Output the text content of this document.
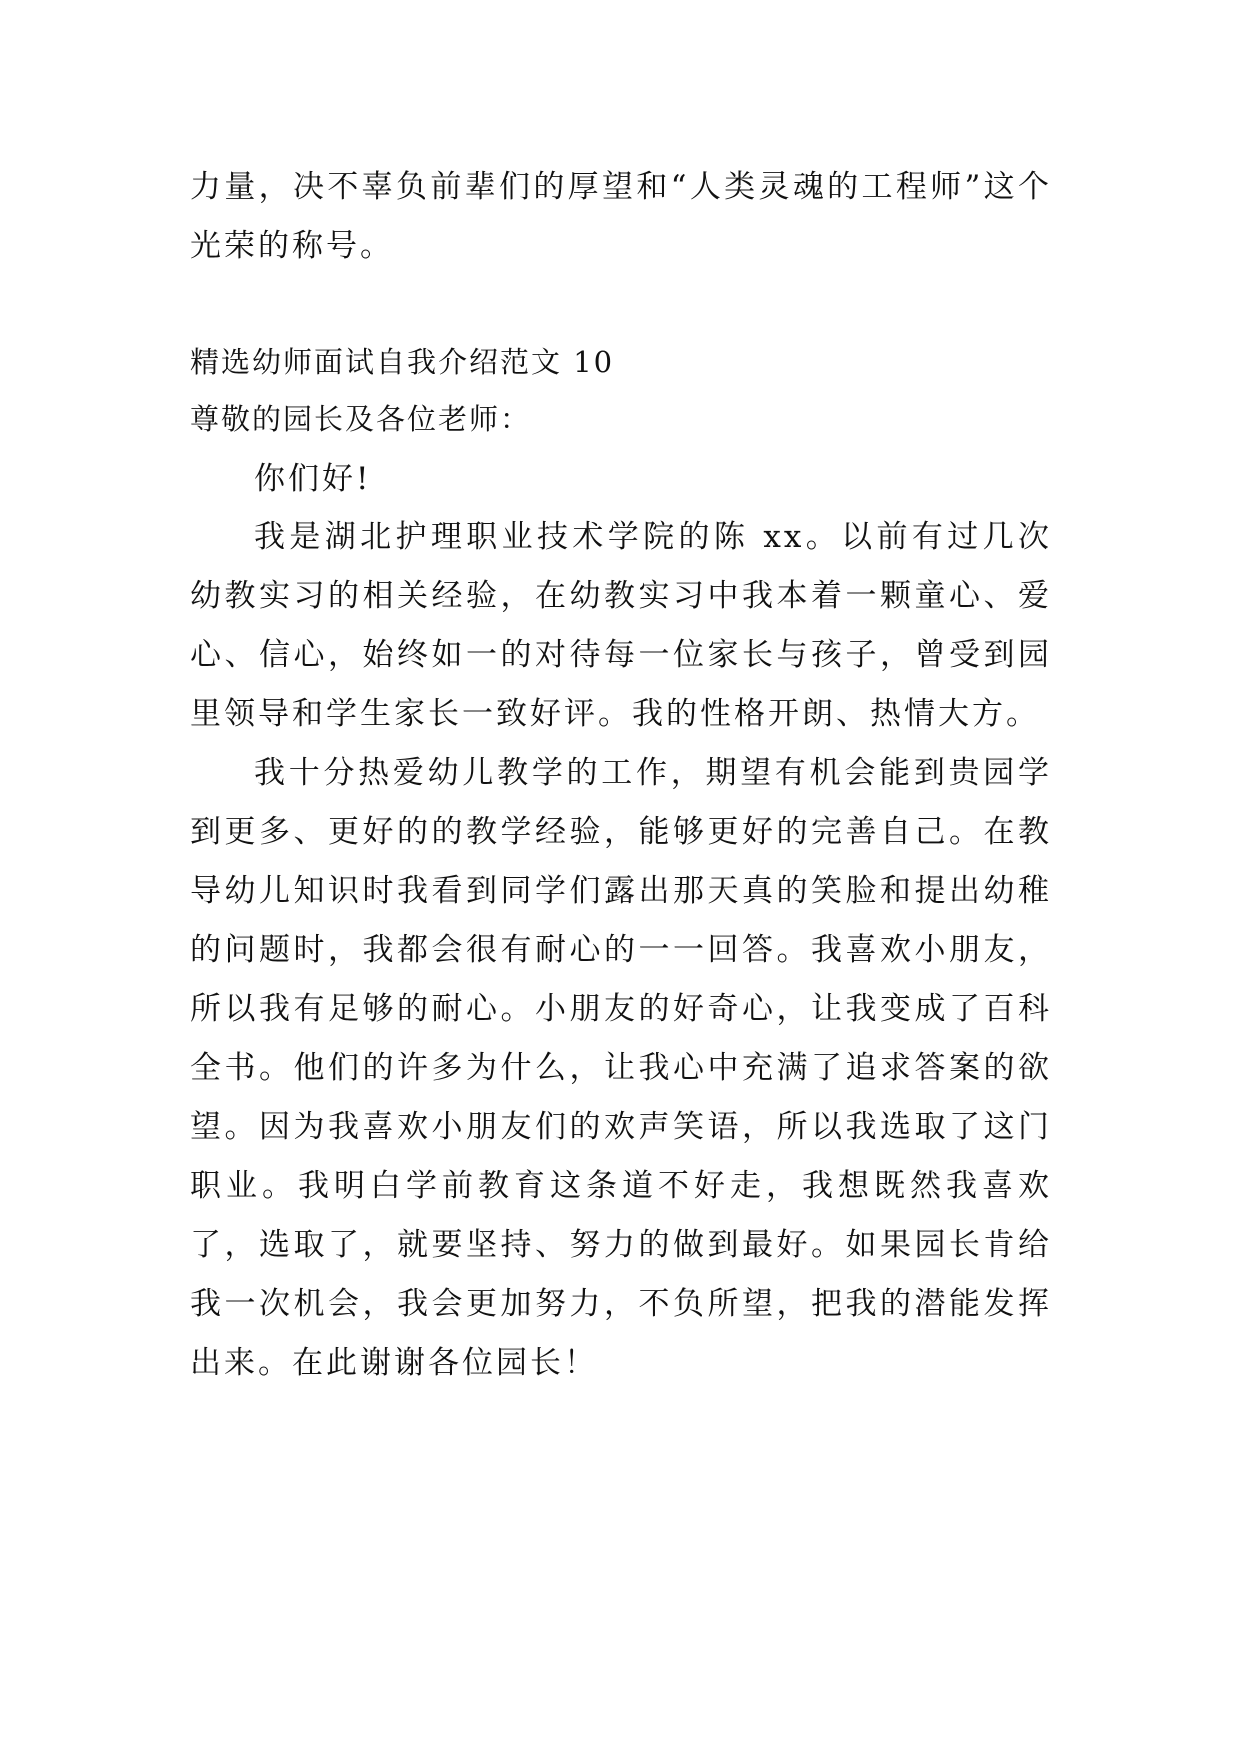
力量，决不辜负前辈们的厚望和“人类灵魂的工程师”这个光荣的称号。

精选幼师面试自我介绍范文 10

尊敬的园长及各位老师：

你们好!

我是湖北护理职业技术学院的陈 xx。以前有过几次幼教实习的相关经验，在幼教实习中我本着一颗童心、爱心、信心，始终如一的对待每一位家长与孩子，曾受到园里领导和学生家长一致好评。我的性格开朗、热情大方。

我十分热爱幼儿教学的工作，期望有机会能到贵园学到更多、更好的的教学经验，能够更好的完善自己。在教导幼儿知识时我看到同学们露出那天真的笑脸和提出幼稚的问题时，我都会很有耐心的一一回答。我喜欢小朋友，所以我有足够的耐心。小朋友的好奇心，让我变成了百科全书。他们的许多为什么，让我心中充满了追求答案的欲望。因为我喜欢小朋友们的欢声笑语，所以我选取了这门职业。我明白学前教育这条道不好走，我想既然我喜欢了，选取了，就要坚持、努力的做到最好。如果园长肯给我一次机会，我会更加努力，不负所望，把我的潜能发挥出来。在此谢谢各位园长！
